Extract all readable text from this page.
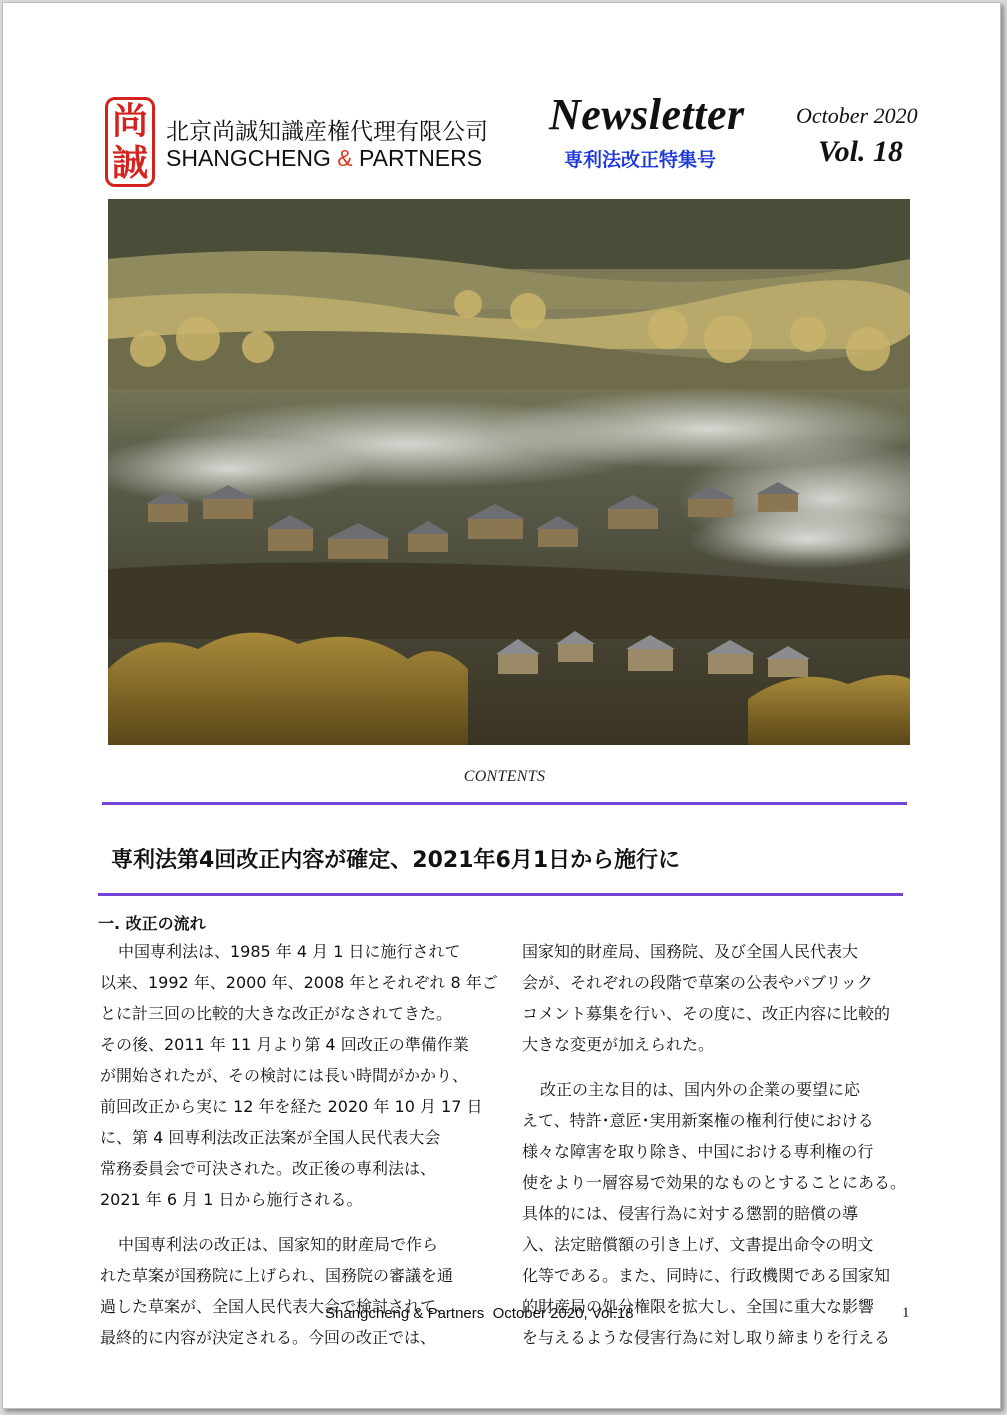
尚
誠
北京尚誠知識産権代理有限公司
SHANGCHENG & PARTNERS
Newsletter
専利法改正特集号
October 2020
Vol. 18
CONTENTS
専利法第4回改正内容が確定、2021年6月1日から施行に
一. 改正の流れ

中国専利法は、1985 年 4 月 1 日に施行されて

以来、1992 年、2000 年、2008 年とそれぞれ 8 年ご

とに計三回の比較的大きな改正がなされてきた。

その後、2011 年 11 月より第 4 回改正の準備作業

が開始されたが、その検討には長い時間がかかり、

前回改正から実に 12 年を経た 2020 年 10 月 17 日

に、第 4 回専利法改正法案が全国人民代表大会

常務委員会で可決された。改正後の専利法は、

2021 年 6 月 1 日から施行される。

中国専利法の改正は、国家知的財産局で作ら

れた草案が国務院に上げられ、国務院の審議を通

過した草案が、全国人民代表大会で検討されて、

最終的に内容が決定される。今回の改正では、

国家知的財産局、国務院、及び全国人民代表大

会が、それぞれの段階で草案の公表やパブリック

コメント募集を行い、その度に、改正内容に比較的

大きな変更が加えられた。

改正の主な目的は、国内外の企業の要望に応

えて、特許･意匠･実用新案権の権利行使における

様々な障害を取り除き、中国における専利権の行

使をより一層容易で効果的なものとすることにある。

具体的には、侵害行為に対する懲罰的賠償の導

入、法定賠償額の引き上げ、文書提出命令の明文

化等である。また、同時に、行政機関である国家知

的財産局の処分権限を拡大し、全国に重大な影響

を与えるような侵害行為に対し取り締まりを行える

Shangcheng & Partners  October 2020, Vol.18	1
